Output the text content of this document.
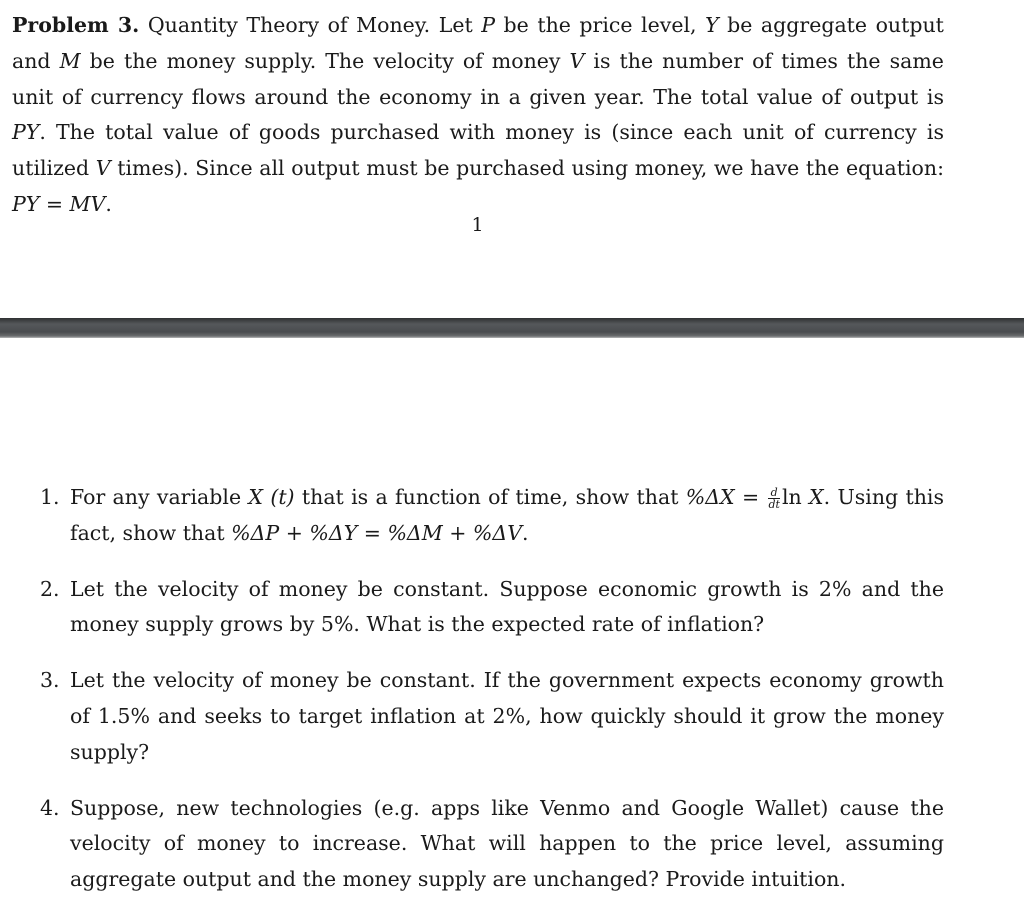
Problem 3. Quantity Theory of Money. Let P be the price level, Y be aggregate output and M be the money supply. The velocity of money V is the number of times the same unit of currency flows around the economy in a given year. The total value of output is PY. The total value of goods purchased with money is (since each unit of currency is utilized V times). Since all output must be purchased using money, we have the equation: PY = MV.

1
1. For any variable X (t) that is a function of time, show that $\%\Delta X = \frac{d}{dt}$ ln X. Using this fact, show that %ΔP + %ΔY = %ΔM + %ΔV.
2. Let the velocity of money be constant. Suppose economic growth is 2% and the money supply grows by 5%. What is the expected rate of inflation?
3. Let the velocity of money be constant. If the government expects economy growth of 1.5% and seeks to target inflation at 2%, how quickly should it grow the money supply?
4. Suppose, new technologies (e.g. apps like Venmo and Google Wallet) cause the velocity of money to increase. What will happen to the price level, assuming aggregate output and the money supply are unchanged? Provide intuition.
